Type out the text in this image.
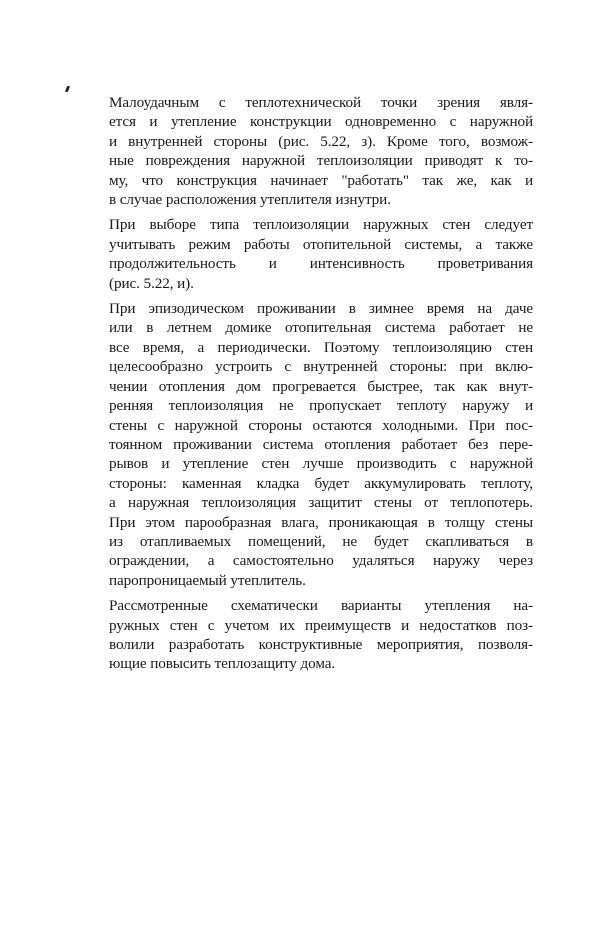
Малоудачным с теплотехнической точки зрения явля-
ется и утепление конструкции одновременно с наружной
и внутренней стороны (рис. 5.22, з). Кроме того, возмож-
ные повреждения наружной теплоизоляции приводят к то-
му, что конструкция начинает "работать" так же, как и
в случае расположения утеплителя изнутри.
При выборе типа теплоизоляции наружных стен следует
учитывать режим работы отопительной системы, а также
продолжительность и интенсивность проветривания
(рис. 5.22, и).
При эпизодическом проживании в зимнее время на даче
или в летнем домике отопительная система работает не
все время, а периодически. Поэтому теплоизоляцию стен
целесообразно устроить с внутренней стороны: при вклю-
чении отопления дом прогревается быстрее, так как внут-
ренняя теплоизоляция не пропускает теплоту наружу и
стены с наружной стороны остаются холодными. При пос-
тоянном проживании система отопления работает без пере-
рывов и утепление стен лучше производить с наружной
стороны: каменная кладка будет аккумулировать теплоту,
а наружная теплоизоляция защитит стены от теплопотерь.
При этом парообразная влага, проникающая в толщу стены
из отапливаемых помещений, не будет скапливаться в
ограждении, а самостоятельно удаляться наружу через
паропроницаемый утеплитель.
Рассмотренные схематически варианты утепления на-
ружных стен с учетом их преимуществ и недостатков поз-
волили разработать конструктивные мероприятия, позволя-
ющие повысить теплозащиту дома.
